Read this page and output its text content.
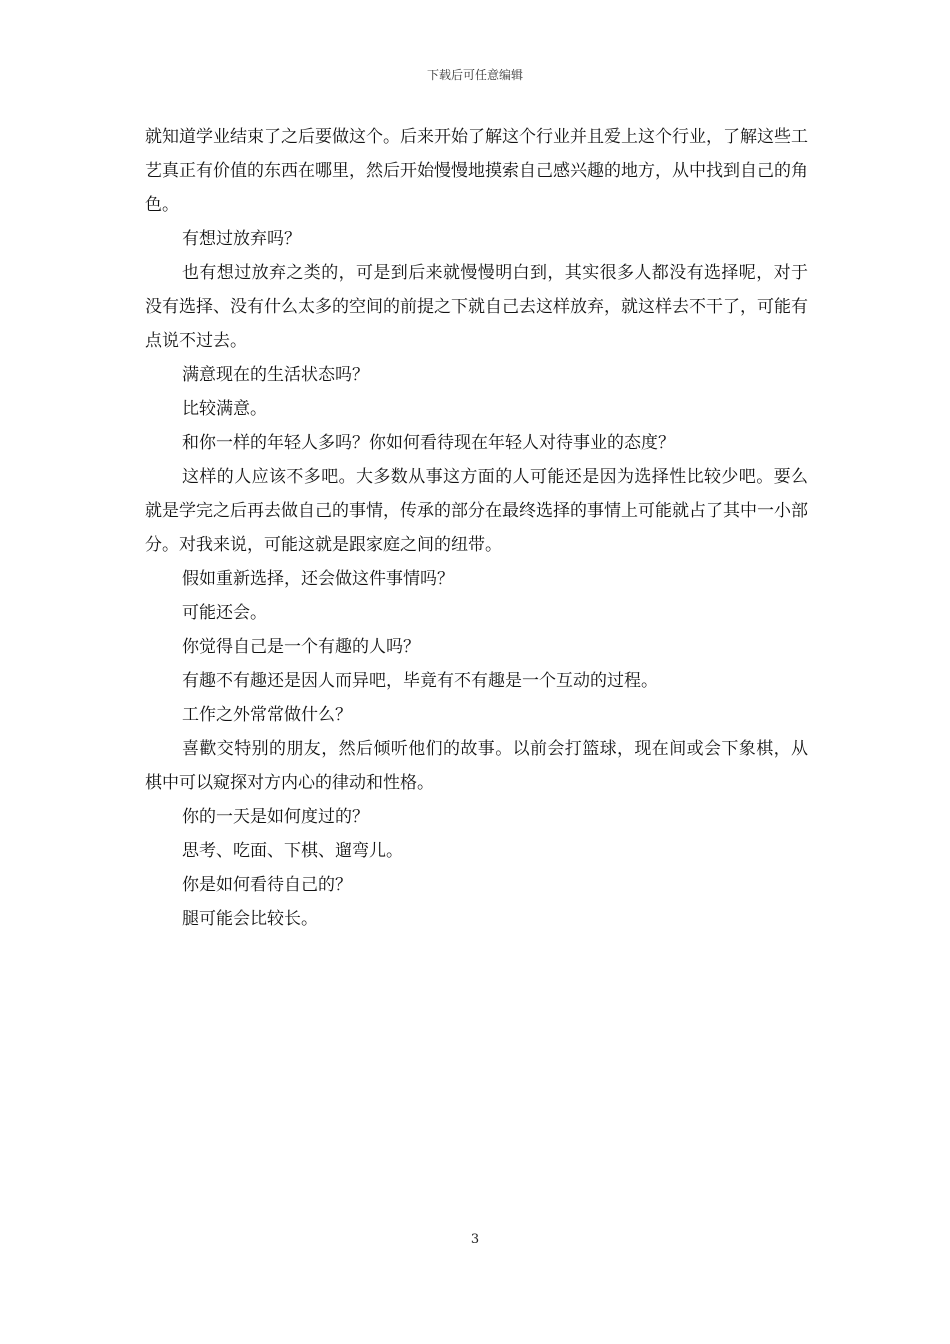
下载后可任意编辑

就知道学业结束了之后要做这个。后来开始了解这个行业并且爱上这个行业，了解这些工艺真正有价值的东西在哪里，然后开始慢慢地摸索自己感兴趣的地方，从中找到自己的角色。

有想过放弃吗？

也有想过放弃之类的，可是到后来就慢慢明白到，其实很多人都没有选择呢，对于没有选择、没有什么太多的空间的前提之下就自己去这样放弃，就这样去不干了，可能有点说不过去。

满意现在的生活状态吗？

比较满意。

和你一样的年轻人多吗？你如何看待现在年轻人对待事业的态度？

这样的人应该不多吧。大多数从事这方面的人可能还是因为选择性比较少吧。要么就是学完之后再去做自己的事情，传承的部分在最终选择的事情上可能就占了其中一小部分。对我来说，可能这就是跟家庭之间的纽带。

假如重新选择，还会做这件事情吗？

可能还会。

你觉得自己是一个有趣的人吗？

有趣不有趣还是因人而异吧，毕竟有不有趣是一个互动的过程。

工作之外常常做什么？

喜歡交特别的朋友，然后倾听他们的故事。以前会打篮球，现在间或会下象棋，从棋中可以窥探对方内心的律动和性格。

你的一天是如何度过的？

思考、吃面、下棋、遛弯儿。

你是如何看待自己的？

腿可能会比较长。

3
